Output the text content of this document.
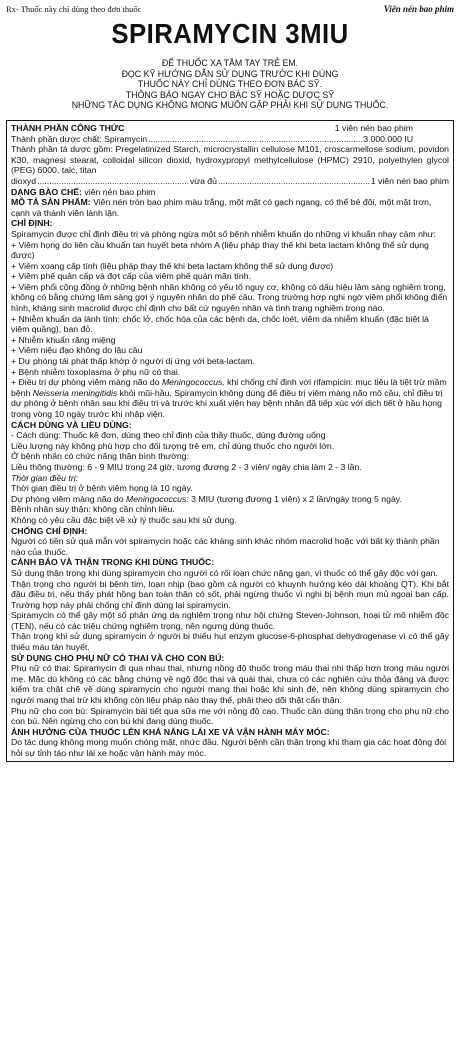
Rx- Thuốc này chỉ dùng theo đơn thuốc	Viên nén bao phim
SPIRAMYCIN 3MIU
ĐỂ THUỐC XA TẦM TAY TRẺ EM.
ĐỌC KỸ HƯỚNG DẪN SỬ DỤNG TRƯỚC KHI DÙNG
THUỐC NÀY CHỈ DÙNG THEO ĐƠN BÁC SỸ.
THÔNG BÁO NGAY CHO BÁC SỸ HOẶC DƯỢC SỸ
NHỮNG TÁC DỤNG KHÔNG MONG MUỐN GẶP PHẢI KHI SỬ DỤNG THUỐC.
THÀNH PHẦN CÔNG THỨC	1 viên nén bao phim
Thành phần dược chất: Spiramycin .....	3.000.000 IU

Thành phần tá dược gồm: Pregelatinized Starch, microcrystallin cellulose M101, croscarmellose sodium, povidon K30, magnesi stearat, colloidal silicon dioxid, hydroxypropyl methylcellulose (HPMC) 2910, polyethylen glycol (PEG) 6000, talc, titan

dioxyd .....	vừa đủ .....	1 viên nén bao phim

DẠNG BÀO CHẾ: viên nén bao phim

MÔ TẢ SẢN PHẨM: Viên nén tròn bao phim màu trắng, một mặt có gạch ngang, có thể bẻ đôi, một mặt trơn, cạnh và thành viên lành lặn.

CHỈ ĐỊNH:

Spiramycin được chỉ định điều trị và phòng ngừa một số bệnh nhiễm khuẩn do những vi khuẩn nhạy cảm như:

+ Viêm họng do liên cầu khuẩn tan huyết beta nhóm A (liệu pháp thay thế khi beta lactam không thể sử dụng được)

+ Viêm xoang cấp tính (liệu pháp thay thế khi beta lactam không thể sử dụng được)

+ Viêm phế quản cấp và đợt cấp của viêm phế quản mãn tính.

+ Viêm phổi cộng đồng ở những bệnh nhân không có yếu tố nguy cơ, không có dấu hiệu lâm sàng nghiêm trọng, không có bằng chứng lâm sàng gợi ý nguyên nhân do phế cầu. Trong trường hợp nghi ngờ viêm phổi không điển hình, kháng sinh macrolid được chỉ định cho bất cứ nguyên nhân và tình trạng nghiêm trọng nào.

+ Nhiễm khuẩn da lành tính: chốc lở, chốc hóa của các bệnh da, chốc loét, viêm da nhiễm khuẩn (đặc biệt là viêm quầng), ban đỏ.

+ Nhiễm khuẩn răng miệng

+ Viêm niệu đạo không do lậu cầu

+ Dự phòng tái phát thấp khớp ở người dị ứng với beta-lactam.

+ Bệnh nhiễm toxoplasma ở phụ nữ có thai.

+ Điều trị dự phòng viêm màng não do Meningococcus, khi chống chỉ định với rifampicin: mục tiêu là tiệt trừ mầm bệnh Neisseria meningitidis khỏi mũi-hầu. Spiramycin không dùng để điều trị viêm màng não mô cầu, chỉ điều trị dự phòng ở bệnh nhân sau khi điều trị và trước khi xuất viện hay bệnh nhân đã tiếp xúc với dịch tiết ở hầu họng trong vòng 10 ngày trước khi nhập viện.

CÁCH DÙNG VÀ LIỀU DÙNG:

- Cách dùng: Thuốc kê đơn, dùng theo chỉ định của thầy thuốc, dùng đường uống

Liều lượng này không phù hợp cho đối tượng trẻ em, chỉ dùng thuốc cho người lớn.

Ở bệnh nhân có chức năng thận bình thường:

Liều thông thường: 6 - 9 MIU trong 24 giờ, tương đương 2 - 3 viên/ ngày chia làm 2 - 3 lần.

Thời gian điều trị:

Thời gian điều trị ở bệnh viêm họng là 10 ngày.

Dự phòng viêm màng não do Meningococcus: 3 MIU (tương đương 1 viên) x 2 lần/ngày trong 5 ngày.

Bệnh nhân suy thận: không cần chỉnh liều.

Không có yêu cầu đặc biệt về xử lý thuốc sau khi sử dụng.

CHỐNG CHỈ ĐỊNH:

Người có tiền sử quá mẫn với spiramycin hoặc các kháng sinh khác nhóm macrolid hoặc với bất kỳ thành phần nào của thuốc.

CẢNH BÁO VÀ THẬN TRỌNG KHI DÙNG THUỐC:

Sử dụng thận trọng khi dùng spiramycin cho người có rối loạn chức năng gan, vì thuốc có thể gây độc với gan.

Thận trọng cho người bị bệnh tim, loạn nhịp (bao gồm cả người có khuynh hướng kéo dài khoảng QT). Khi bắt đầu điều trị, nếu thấy phát hồng ban toàn thân có sốt, phải ngừng thuốc vì nghi bị bệnh mụn mủ ngoại ban cấp. Trường hợp này phải chống chỉ định dùng lại spiramycin.

Spiramycin có thể gây một số phản ứng da nghiêm trọng như hội chứng Steven-Johnson, hoại tử mô nhiễm độc (TEN), nếu có các triệu chứng nghiêm trọng, nên ngưng dùng thuốc.

Thận trọng khi sử dụng spiramycin ở người bị thiếu hụt enzym glucose-6-phosphat dehydrogenase vì có thể gây thiếu máu tán huyết.

SỬ DỤNG CHO PHỤ NỮ CÓ THAI VÀ CHO CON BÚ:

Phụ nữ có thai: Spiramycin đi qua nhau thai, nhưng nồng độ thuốc trong máu thai nhi thấp hơn trong máu người mẹ. Mặc dù không có các bằng chứng về ngộ độc thai và quái thai, chưa có các nghiên cứu thỏa đáng và được kiểm tra chặt chẽ về dùng spiramycin cho người mang thai hoặc khi sinh đẻ, nên không dùng spiramycin cho người mang thai trừ khi không còn liệu pháp nào thay thế, phải theo dõi thật cẩn thận.

Phụ nữ cho con bú: Spiramycin bài tiết qua sữa mẹ với nồng độ cao. Thuốc cần dùng thận trọng cho phụ nữ cho con bú. Nên ngừng cho con bú khi đang dùng thuốc.

ẢNH HƯỞNG CỦA THUỐC LÊN KHẢ NĂNG LÁI XE VÀ VẬN HÀNH MÁY MÓC:

Do tác dụng không mong muốn chóng mặt, nhức đầu. Người bệnh cần thận trọng khi tham gia các hoạt động đòi hỏi sự tỉnh táo như lái xe hoặc vận hành máy móc.
